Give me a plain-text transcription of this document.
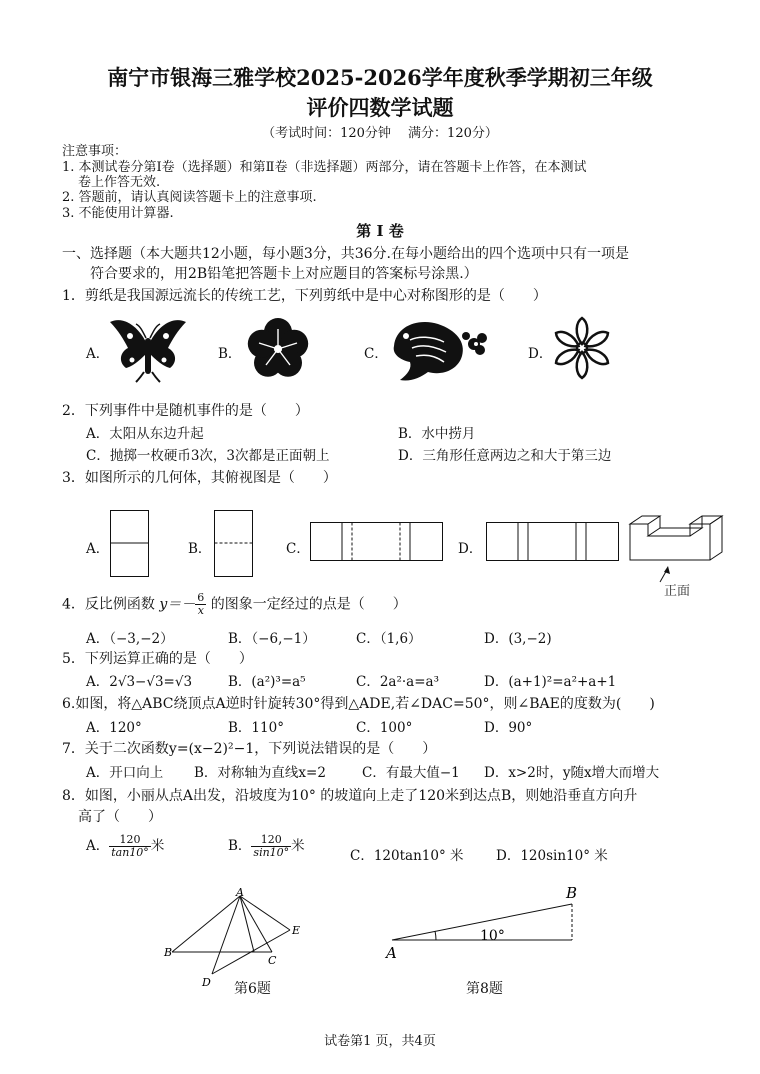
南宁市银海三雅学校2025-2026学年度秋季学期初三年级
评价四数学试题
（考试时间：120分钟　 满分：120分）
注意事项：
1. 本测试卷分第Ⅰ卷（选择题）和第Ⅱ卷（非选择题）两部分，请在答题卡上作答，在本测试
卷上作答无效.
2. 答题前，请认真阅读答题卡上的注意事项.
3. 不能使用计算器.
第 Ⅰ 卷
一、选择题（本大题共12小题，每小题3分，共36分.在每小题给出的四个选项中只有一项是
符合要求的，用2B铅笔把答题卡上对应题目的答案标号涂黑.）
1．剪纸是我国源远流长的传统工艺，下列剪纸中是中心对称图形的是（　　）
A．	B．	C．	D．
2．下列事件中是随机事件的是（　　）
A．太阳从东边升起	B．水中捞月
C．抛掷一枚硬币3次，3次都是正面朝上	D．三角形任意两边之和大于第三边
3．如图所示的几何体，其俯视图是（　　）
A．	B．	C．	D．
正面
4．反比例函数 $y=- \frac{6}{x}$ 的图象一定经过的点是（　　）
A．（−3,−2）	B．（−6,−1）	C．（1,6）	D．(3,−2)
5．下列运算正确的是（　　）
A．2√3−√3=√3	B．(a²)³=a⁵	C．2a²·a=a³	D．(a+1)²=a²+a+1
6.如图，将△ABC绕顶点A逆时针旋转30°得到△ADE,若∠DAC=50°，则∠BAE的度数为(　　)
A．120°	B．110°	C．100°	D．90°
7．关于二次函数y=(x−2)²−1，下列说法错误的是（　　）
A．开口向上 B．对称轴为直线x=2	C．有最大值−1 D．x>2时，y随x增大而增大
8．如图，小丽从点A出发，沿坡度为10° 的坡道向上走了120米到达点B，则她沿垂直方向升
高了（　　）
A． $\frac{120}{\tan 10^\circ}$ 米	B． $\frac{120}{\sin 10^\circ}$ 米
C．120tan10° 米 D．120sin10° 米
A
B
C
D
E
第6题
A
B
10°
第8题
试卷第1 页，共4页
